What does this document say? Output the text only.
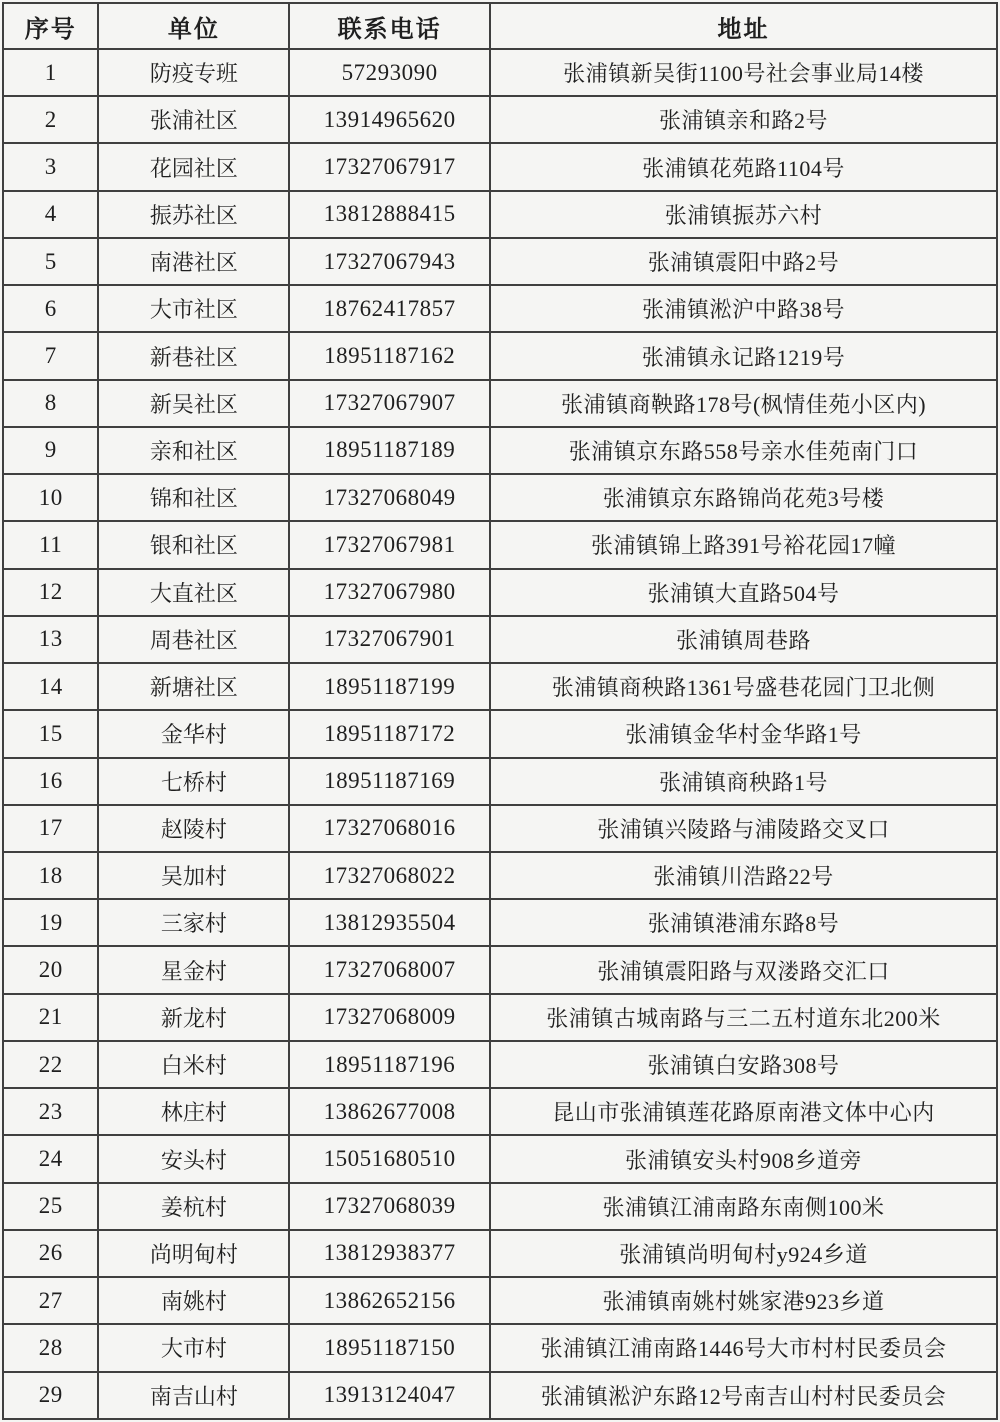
序号	单位	联系电话	地址
1	防疫专班	57293090	张浦镇新吴街1100号社会事业局14楼
2	张浦社区	13914965620	张浦镇亲和路2号
3	花园社区	17327067917	张浦镇花苑路1104号
4	振苏社区	13812888415	张浦镇振苏六村
5	南港社区	17327067943	张浦镇震阳中路2号
6	大市社区	18762417857	张浦镇淞沪中路38号
7	新巷社区	18951187162	张浦镇永记路1219号
8	新吴社区	17327067907	张浦镇商鞅路178号(枫情佳苑小区内)
9	亲和社区	18951187189	张浦镇京东路558号亲水佳苑南门口
10	锦和社区	17327068049	张浦镇京东路锦尚花苑3号楼
11	银和社区	17327067981	张浦镇锦上路391号裕花园17幢
12	大直社区	17327067980	张浦镇大直路504号
13	周巷社区	17327067901	张浦镇周巷路
14	新塘社区	18951187199	张浦镇商秧路1361号盛巷花园门卫北侧
15	金华村	18951187172	张浦镇金华村金华路1号
16	七桥村	18951187169	张浦镇商秧路1号
17	赵陵村	17327068016	张浦镇兴陵路与浦陵路交叉口
18	吴加村	17327068022	张浦镇川浩路22号
19	三家村	13812935504	张浦镇港浦东路8号
20	星金村	17327068007	张浦镇震阳路与双溇路交汇口
21	新龙村	17327068009	张浦镇古城南路与三二五村道东北200米
22	白米村	18951187196	张浦镇白安路308号
23	林庄村	13862677008	昆山市张浦镇莲花路原南港文体中心内
24	安头村	15051680510	张浦镇安头村908乡道旁
25	姜杭村	17327068039	张浦镇江浦南路东南侧100米
26	尚明甸村	13812938377	张浦镇尚明甸村y924乡道
27	南姚村	13862652156	张浦镇南姚村姚家港923乡道
28	大市村	18951187150	张浦镇江浦南路1446号大市村村民委员会
29	南吉山村	13913124047	张浦镇淞沪东路12号南吉山村村民委员会
